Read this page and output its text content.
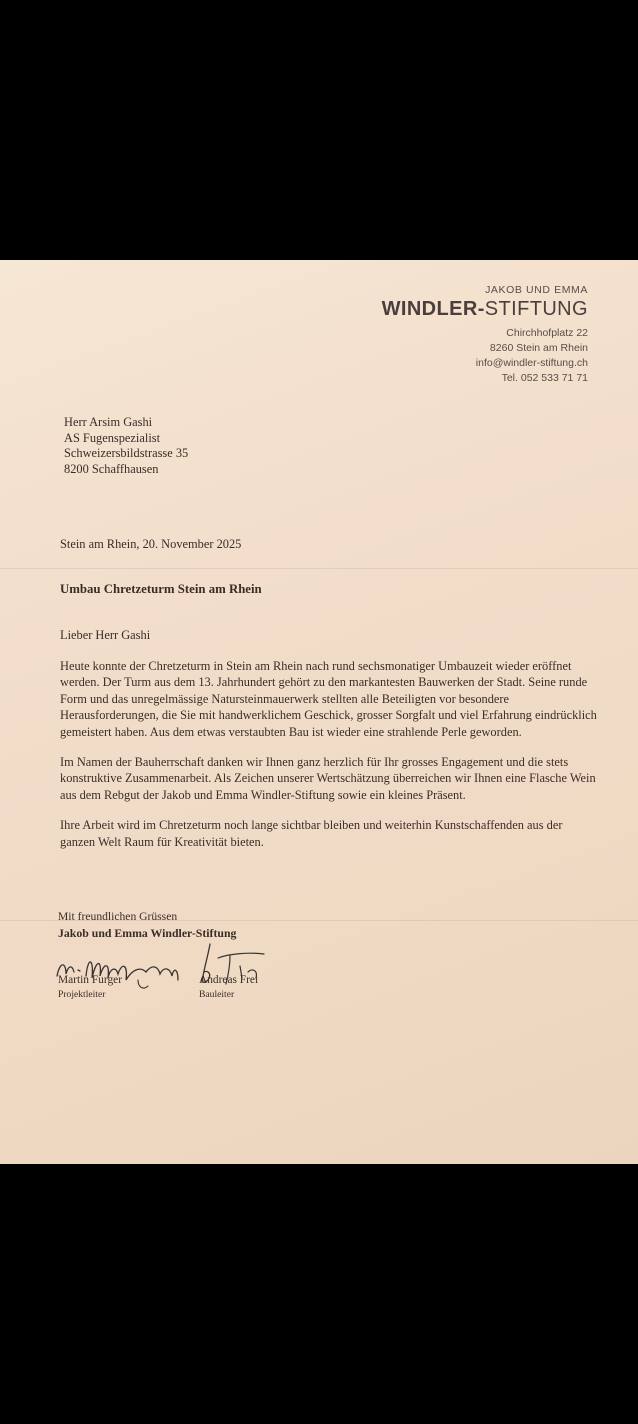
JAKOB UND EMMA
WINDLER-STIFTUNG
Chirchhofplatz 22
8260 Stein am Rhein
info@windler-stiftung.ch
Tel. 052 533 71 71
Herr Arsim Gashi
AS Fugenspezialist
Schweizersbildstrasse 35
8200 Schaffhausen
Stein am Rhein, 20. November 2025
Umbau Chretzeturm Stein am Rhein
Lieber Herr Gashi

Heute konnte der Chretzeturm in Stein am Rhein nach rund sechsmonatiger Umbauzeit wieder eröffnet werden. Der Turm aus dem 13. Jahrhundert gehört zu den markantesten Bauwerken der Stadt. Seine runde Form und das unregelmässige Natursteinmauerwerk stellten alle Beteiligten vor besondere Herausforderungen, die Sie mit handwerklichem Geschick, grosser Sorgfalt und viel Erfahrung eindrücklich gemeistert haben. Aus dem etwas verstaubten Bau ist wieder eine strahlende Perle geworden.

Im Namen der Bauherrschaft danken wir Ihnen ganz herzlich für Ihr grosses Engagement und die stets konstruktive Zusammenarbeit. Als Zeichen unserer Wertschätzung überreichen wir Ihnen eine Flasche Wein aus dem Rebgut der Jakob und Emma Windler-Stiftung sowie ein kleines Präsent.

Ihre Arbeit wird im Chretzeturm noch lange sichtbar bleiben und weiterhin Kunstschaffenden aus der ganzen Welt Raum für Kreativität bieten.

Mit freundlichen Grüssen
Jakob und Emma Windler-Stiftung
Martin Furger
Projektleiter
Andreas Frei
Bauleiter
